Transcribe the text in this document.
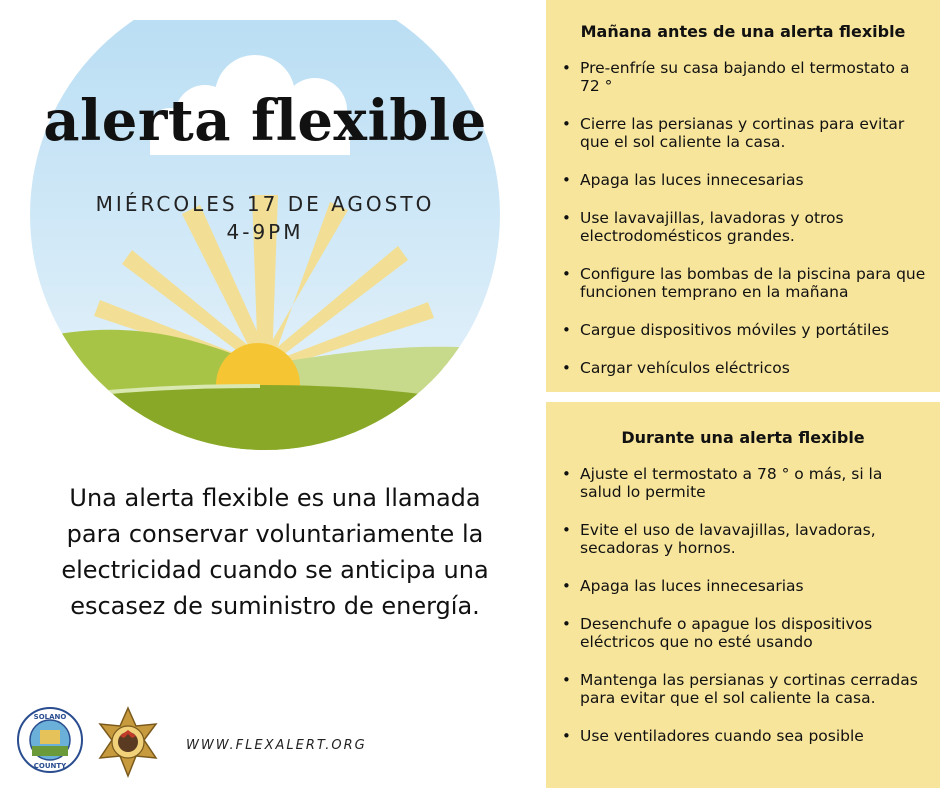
alerta flexible
MIÉRCOLES 17 DE AGOSTO
4-9PM
Una alerta flexible es una llamada para conservar voluntariamente la electricidad cuando se anticipa una escasez de suministro de energía.
SOLANO
COUNTY
WWW.FLEXALERT.ORG
Mañana antes de una alerta flexible
• Pre-enfríe su casa bajando el termostato a 72 °
• Cierre las persianas y cortinas para evitar que el sol caliente la casa.
• Apaga las luces innecesarias
• Use lavavajillas, lavadoras y otros electrodomésticos grandes.
• Configure las bombas de la piscina para que funcionen temprano en la mañana
• Cargue dispositivos móviles y portátiles
• Cargar vehículos eléctricos
Durante una alerta flexible
• Ajuste el termostato a 78 ° o más, si la salud lo permite
• Evite el uso de lavavajillas, lavadoras, secadoras y hornos.
• Apaga las luces innecesarias
• Desenchufe o apague los dispositivos eléctricos que no esté usando
• Mantenga las persianas y cortinas cerradas para evitar que el sol caliente la casa.
• Use ventiladores cuando sea posible
